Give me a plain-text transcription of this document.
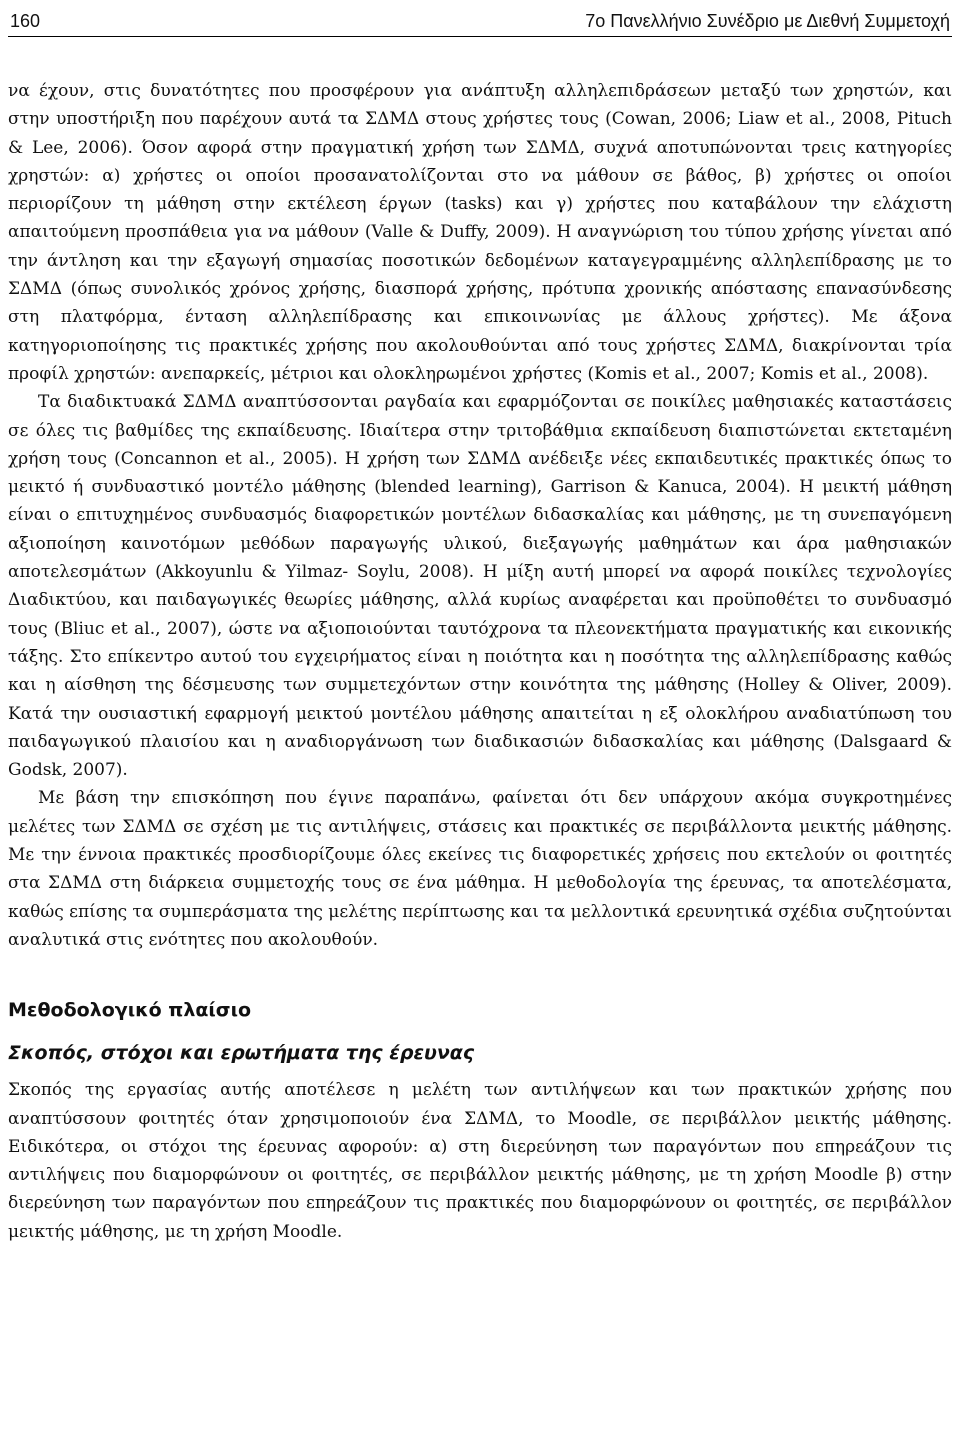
160	7ο Πανελλήνιο Συνέδριο με Διεθνή Συμμετοχή

να έχουν, στις δυνατότητες που προσφέρουν για ανάπτυξη αλληλεπιδράσεων μεταξύ των χρηστών, και στην υποστήριξη που παρέχουν αυτά τα ΣΔΜΔ στους χρήστες τους (Cowan, 2006; Liaw et al., 2008, Pituch & Lee, 2006). Όσον αφορά στην πραγματική χρήση των ΣΔΜΔ, συχνά αποτυπώνονται τρεις κατηγορίες χρηστών: α) χρήστες οι οποίοι προσανατολίζονται στο να μάθουν σε βάθος, β) χρήστες οι οποίοι περιορίζουν τη μάθηση στην εκτέλεση έργων (tasks) και γ) χρήστες που καταβάλουν την ελάχιστη απαιτούμενη προσπάθεια για να μάθουν (Valle & Duffy, 2009). Η αναγνώριση του τύπου χρήσης γίνεται από την άντληση και την εξαγωγή σημασίας ποσοτικών δεδομένων καταγεγραμμένης αλληλεπίδρασης με το ΣΔΜΔ (όπως συνολικός χρόνος χρήσης, διασπορά χρήσης, πρότυπα χρονικής απόστασης επανασύνδεσης στη πλατφόρμα, ένταση αλληλεπίδρασης και επικοινωνίας με άλλους χρήστες). Με άξονα κατηγοριοποίησης τις πρακτικές χρήσης που ακολουθούνται από τους χρήστες ΣΔΜΔ, διακρίνονται τρία προφίλ χρηστών: ανεπαρκείς, μέτριοι και ολοκληρωμένοι χρήστες (Komis et al., 2007; Komis et al., 2008).

Τα διαδικτυακά ΣΔΜΔ αναπτύσσονται ραγδαία και εφαρμόζονται σε ποικίλες μαθησιακές καταστάσεις σε όλες τις βαθμίδες της εκπαίδευσης. Ιδιαίτερα στην τριτοβάθμια εκπαίδευση διαπιστώνεται εκτεταμένη χρήση τους (Concannon et al., 2005). Η χρήση των ΣΔΜΔ ανέδειξε νέες εκπαιδευτικές πρακτικές όπως το μεικτό ή συνδυαστικό μοντέλο μάθησης (blended learning), Garrison & Kanuca, 2004). Η μεικτή μάθηση είναι ο επιτυχημένος συνδυασμός διαφορετικών μοντέλων διδασκαλίας και μάθησης, με τη συνεπαγόμενη αξιοποίηση καινοτόμων μεθόδων παραγωγής υλικού, διεξαγωγής μαθημάτων και άρα μαθησιακών αποτελεσμάτων (Akkoyunlu & Yilmaz- Soylu, 2008). Η μίξη αυτή μπορεί να αφορά ποικίλες τεχνολογίες Διαδικτύου, και παιδαγωγικές θεωρίες μάθησης, αλλά κυρίως αναφέρεται και προϋποθέτει το συνδυασμό τους (Bliuc et al., 2007), ώστε να αξιοποιούνται ταυτόχρονα τα πλεονεκτήματα πραγματικής και εικονικής τάξης. Στο επίκεντρο αυτού του εγχειρήματος είναι η ποιότητα και η ποσότητα της αλληλεπίδρασης καθώς και η αίσθηση της δέσμευσης των συμμετεχόντων στην κοινότητα της μάθησης (Holley & Oliver, 2009). Κατά την ουσιαστική εφαρμογή μεικτού μοντέλου μάθησης απαιτείται η εξ ολοκλήρου αναδιατύπωση του παιδαγωγικού πλαισίου και η αναδιοργάνωση των διαδικασιών διδασκαλίας και μάθησης (Dalsgaard & Godsk, 2007).

Με βάση την επισκόπηση που έγινε παραπάνω, φαίνεται ότι δεν υπάρχουν ακόμα συγκροτημένες μελέτες των ΣΔΜΔ σε σχέση με τις αντιλήψεις, στάσεις και πρακτικές σε περιβάλλοντα μεικτής μάθησης. Με την έννοια πρακτικές προσδιορίζουμε όλες εκείνες τις διαφορετικές χρήσεις που εκτελούν οι φοιτητές στα ΣΔΜΔ στη διάρκεια συμμετοχής τους σε ένα μάθημα. Η μεθοδολογία της έρευνας, τα αποτελέσματα, καθώς επίσης τα συμπεράσματα της μελέτης περίπτωσης και τα μελλοντικά ερευνητικά σχέδια συζητούνται αναλυτικά στις ενότητες που ακολουθούν.

Μεθοδολογικό πλαίσιο
Σκοπός, στόχοι και ερωτήματα της έρευνας

Σκοπός της εργασίας αυτής αποτέλεσε η μελέτη των αντιλήψεων και των πρακτικών χρήσης που αναπτύσσουν φοιτητές όταν χρησιμοποιούν ένα ΣΔΜΔ, το Moodle, σε περιβάλλον μεικτής μάθησης. Ειδικότερα, οι στόχοι της έρευνας αφορούν: α) στη διερεύνηση των παραγόντων που επηρεάζουν τις αντιλήψεις που διαμορφώνουν οι φοιτητές, σε περιβάλλον μεικτής μάθησης, με τη χρήση Moodle β) στην διερεύνηση των παραγόντων που επηρεάζουν τις πρακτικές που διαμορφώνουν οι φοιτητές, σε περιβάλλον μεικτής μάθησης, με τη χρήση Moodle.
